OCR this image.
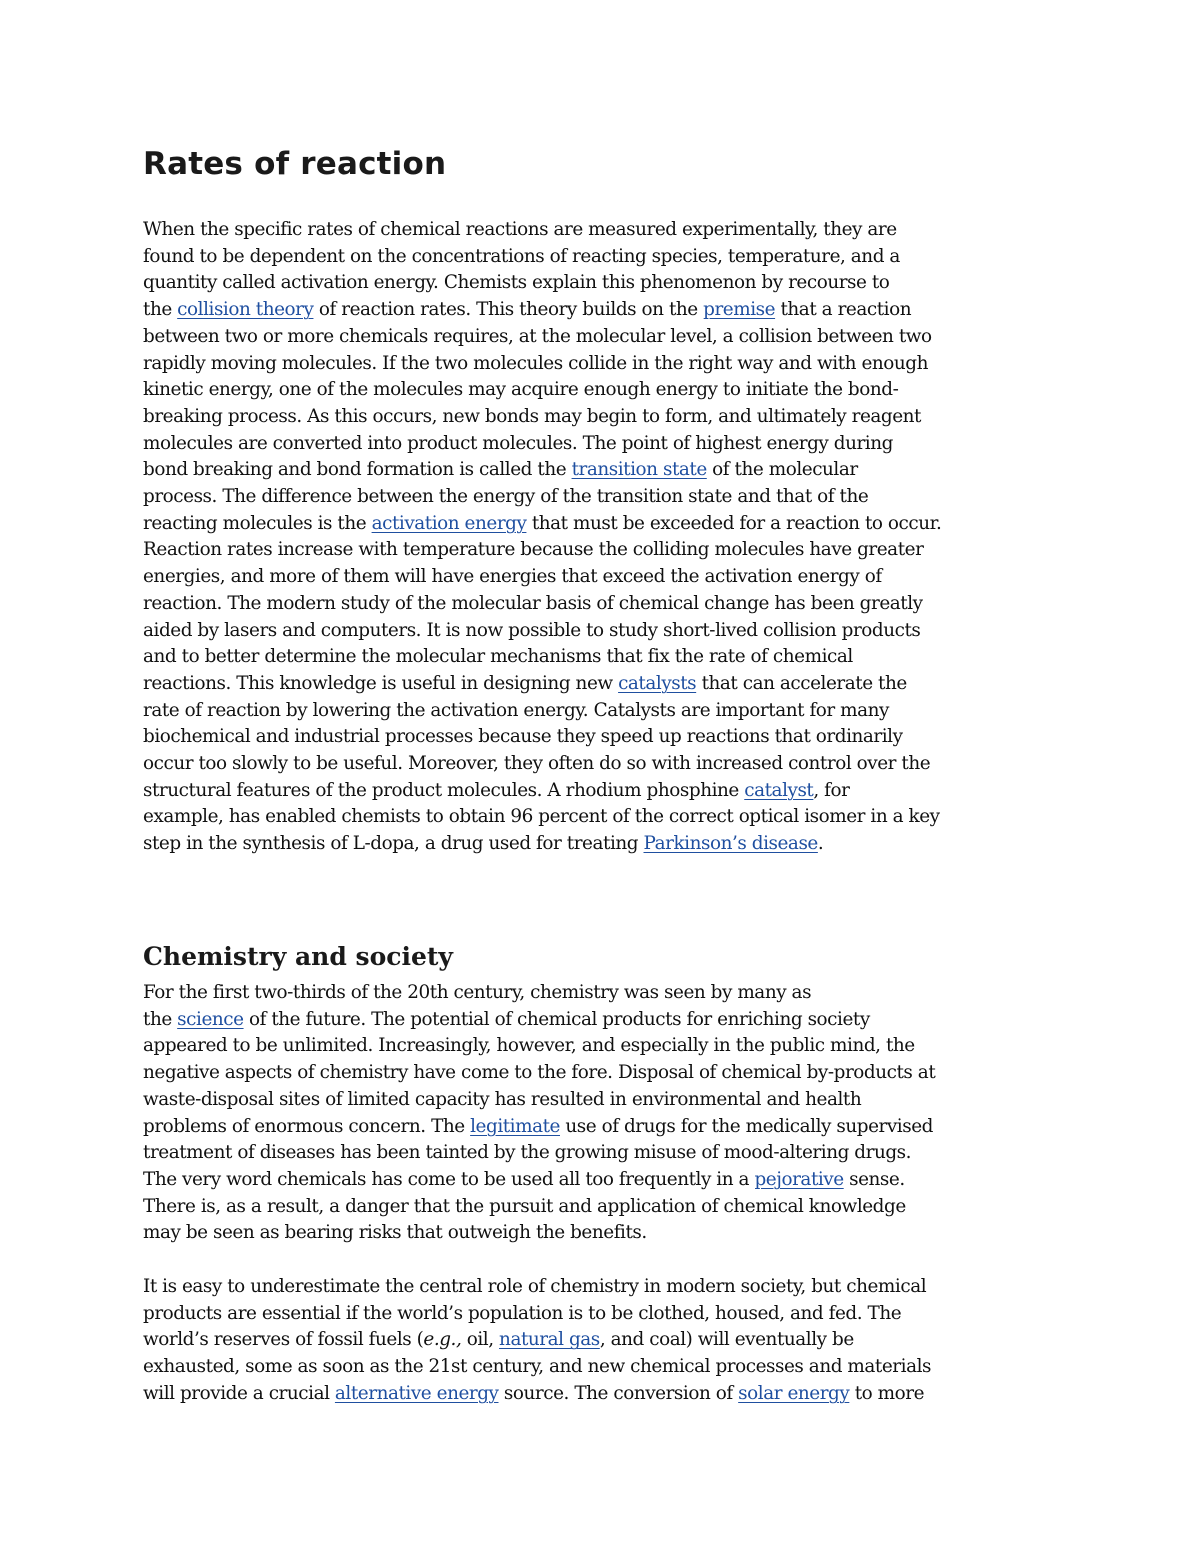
Rates of reaction
When the specific rates of chemical reactions are measured experimentally, they are
found to be dependent on the concentrations of reacting species, temperature, and a
quantity called activation energy. Chemists explain this phenomenon by recourse to
the collision theory of reaction rates. This theory builds on the premise that a reaction
between two or more chemicals requires, at the molecular level, a collision between two
rapidly moving molecules. If the two molecules collide in the right way and with enough
kinetic energy, one of the molecules may acquire enough energy to initiate the bond-
breaking process. As this occurs, new bonds may begin to form, and ultimately reagent
molecules are converted into product molecules. The point of highest energy during
bond breaking and bond formation is called the transition state of the molecular
process. The difference between the energy of the transition state and that of the
reacting molecules is the activation energy that must be exceeded for a reaction to occur.
Reaction rates increase with temperature because the colliding molecules have greater
energies, and more of them will have energies that exceed the activation energy of
reaction. The modern study of the molecular basis of chemical change has been greatly
aided by lasers and computers. It is now possible to study short-lived collision products
and to better determine the molecular mechanisms that fix the rate of chemical
reactions. This knowledge is useful in designing new catalysts that can accelerate the
rate of reaction by lowering the activation energy. Catalysts are important for many
biochemical and industrial processes because they speed up reactions that ordinarily
occur too slowly to be useful. Moreover, they often do so with increased control over the
structural features of the product molecules. A rhodium phosphine catalyst, for
example, has enabled chemists to obtain 96 percent of the correct optical isomer in a key
step in the synthesis of L-dopa, a drug used for treating Parkinson’s disease.
Chemistry and society
For the first two-thirds of the 20th century, chemistry was seen by many as
the science of the future. The potential of chemical products for enriching society
appeared to be unlimited. Increasingly, however, and especially in the public mind, the
negative aspects of chemistry have come to the fore. Disposal of chemical by-products at
waste-disposal sites of limited capacity has resulted in environmental and health
problems of enormous concern. The legitimate use of drugs for the medically supervised
treatment of diseases has been tainted by the growing misuse of mood-altering drugs.
The very word chemicals has come to be used all too frequently in a pejorative sense.
There is, as a result, a danger that the pursuit and application of chemical knowledge
may be seen as bearing risks that outweigh the benefits.
It is easy to underestimate the central role of chemistry in modern society, but chemical
products are essential if the world’s population is to be clothed, housed, and fed. The
world’s reserves of fossil fuels (e.g., oil, natural gas, and coal) will eventually be
exhausted, some as soon as the 21st century, and new chemical processes and materials
will provide a crucial alternative energy source. The conversion of solar energy to more
